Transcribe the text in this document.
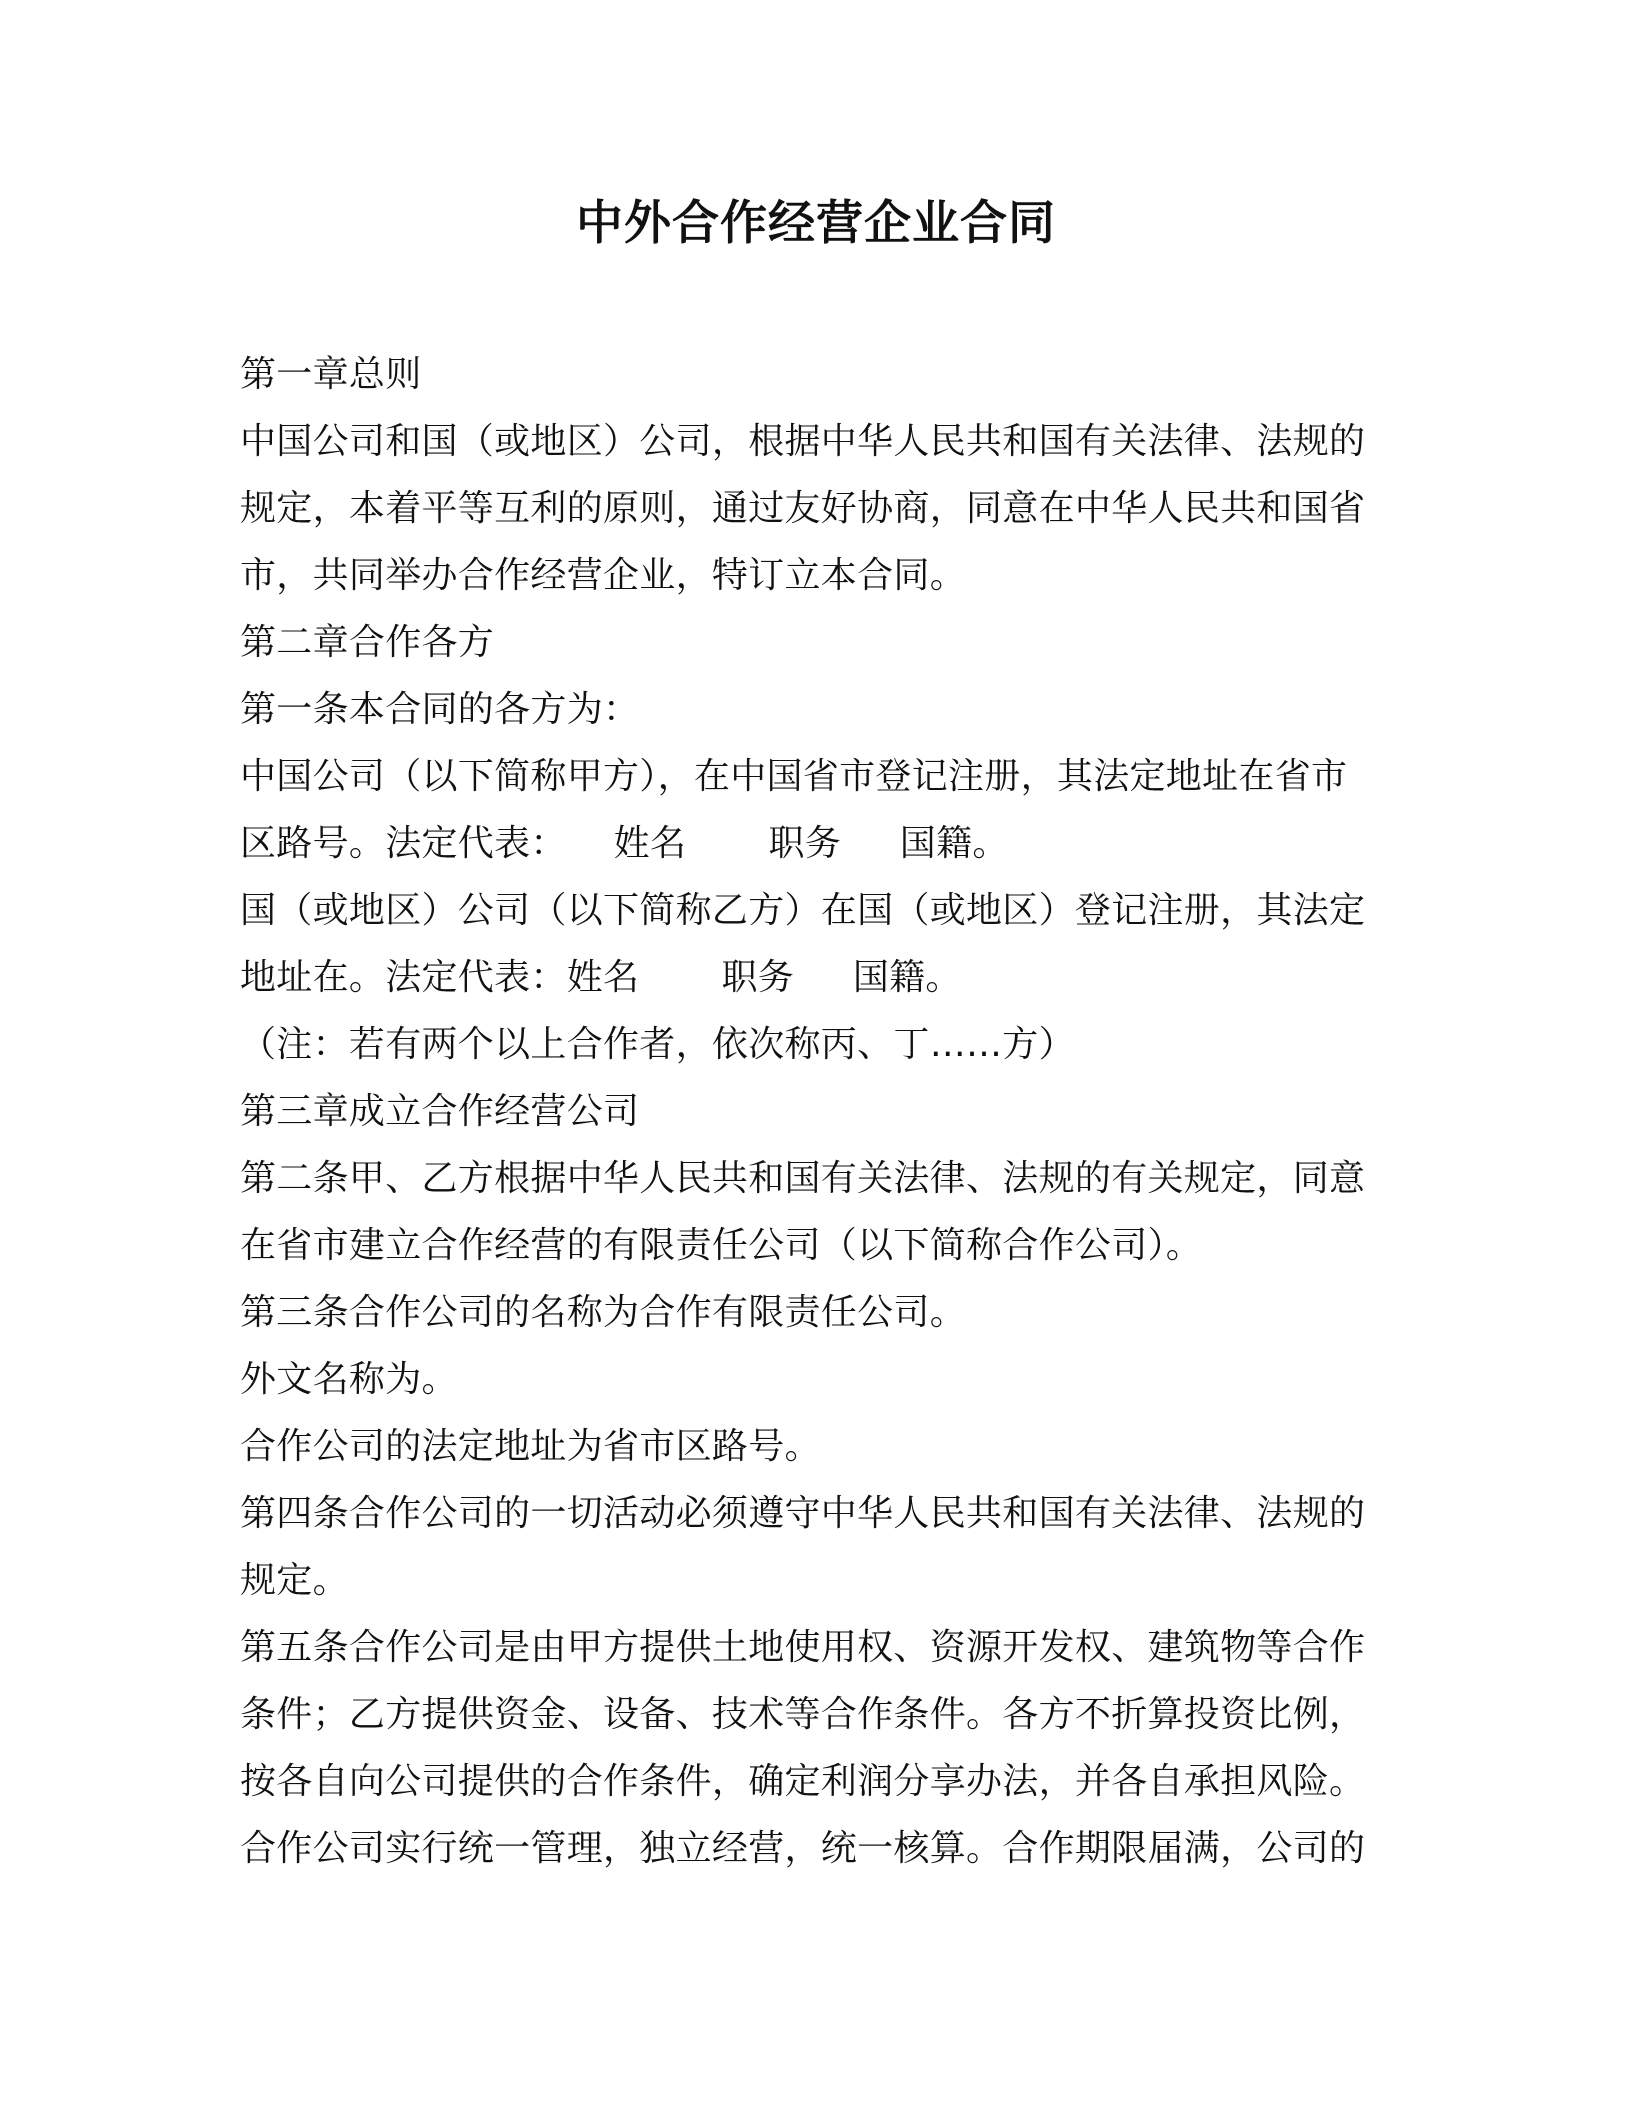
中外合作经营企业合同
第一章总则
中国公司和国（或地区）公司，根据中华人民共和国有关法律、法规的
规定，本着平等互利的原则，通过友好协商，同意在中华人民共和国省
市，共同举办合作经营企业，特订立本合同。
第二章合作各方
第一条本合同的各方为：
中国公司（以下简称甲方），在中国省市登记注册，其法定地址在省市
区路号。法定代表：    姓名       职务     国籍。
国（或地区）公司（以下简称乙方）在国（或地区）登记注册，其法定
地址在。法定代表：姓名       职务     国籍。
（注：若有两个以上合作者，依次称丙、丁……方）
第三章成立合作经营公司
第二条甲、乙方根据中华人民共和国有关法律、法规的有关规定，同意
在省市建立合作经营的有限责任公司（以下简称合作公司）。
第三条合作公司的名称为合作有限责任公司。
外文名称为。
合作公司的法定地址为省市区路号。
第四条合作公司的一切活动必须遵守中华人民共和国有关法律、法规的
规定。
第五条合作公司是由甲方提供土地使用权、资源开发权、建筑物等合作
条件；乙方提供资金、设备、技术等合作条件。各方不折算投资比例，
按各自向公司提供的合作条件，确定利润分享办法，并各自承担风险。
合作公司实行统一管理，独立经营，统一核算。合作期限届满，公司的
